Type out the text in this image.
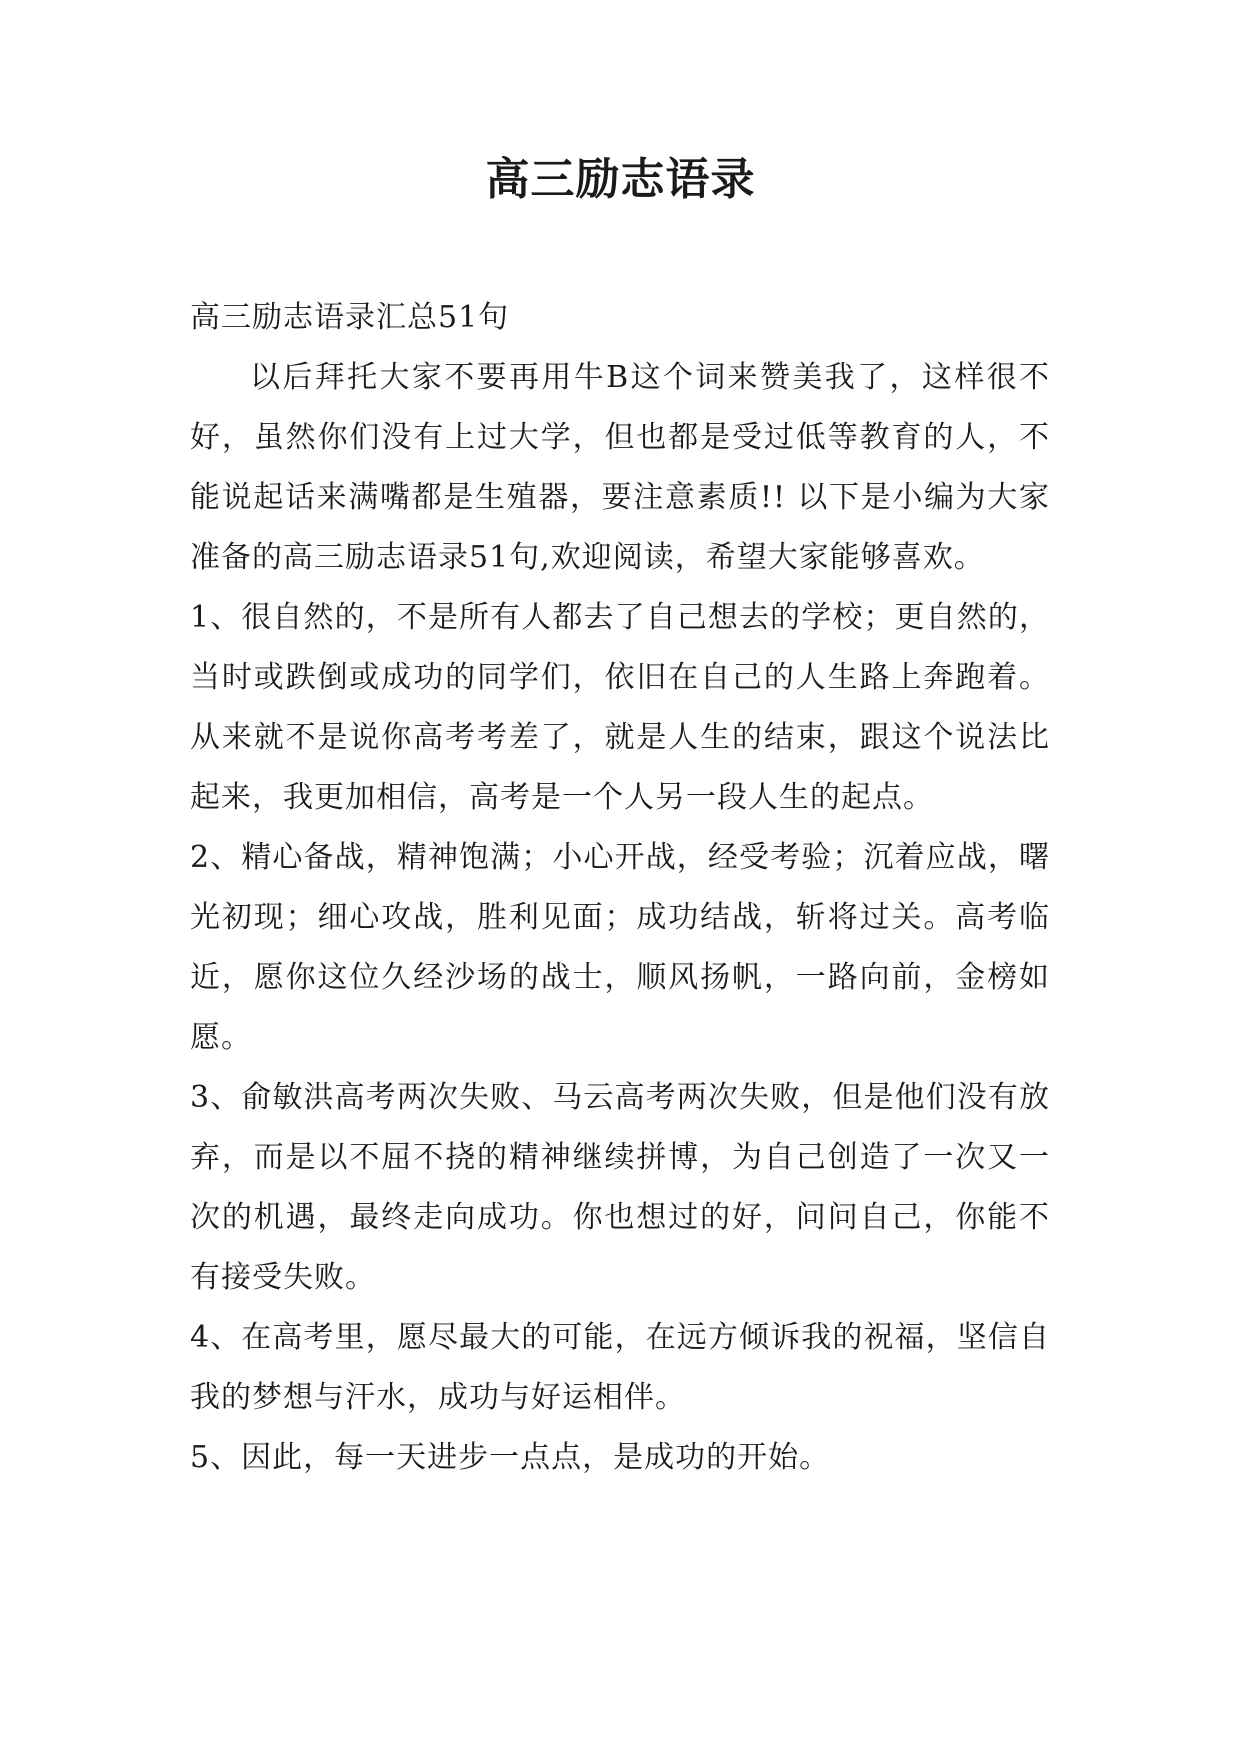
高三励志语录

高三励志语录汇总51句

以后拜托大家不要再用牛B这个词来赞美我了，这样很不好，虽然你们没有上过大学，但也都是受过低等教育的人，不能说起话来满嘴都是生殖器，要注意素质!! 以下是小编为大家准备的高三励志语录51句,欢迎阅读，希望大家能够喜欢。

1、很自然的，不是所有人都去了自己想去的学校；更自然的，当时或跌倒或成功的同学们，依旧在自己的人生路上奔跑着。从来就不是说你高考考差了，就是人生的结束，跟这个说法比起来，我更加相信，高考是一个人另一段人生的起点。

2、精心备战，精神饱满；小心开战，经受考验；沉着应战，曙光初现；细心攻战，胜利见面；成功结战，斩将过关。高考临近，愿你这位久经沙场的战士，顺风扬帆，一路向前，金榜如愿。

3、俞敏洪高考两次失败、马云高考两次失败，但是他们没有放弃，而是以不屈不挠的精神继续拼博，为自己创造了一次又一次的机遇，最终走向成功。你也想过的好，问问自己，你能不有接受失败。

4、在高考里，愿尽最大的可能，在远方倾诉我的祝福，坚信自我的梦想与汗水，成功与好运相伴。

5、因此，每一天进步一点点，是成功的开始。
